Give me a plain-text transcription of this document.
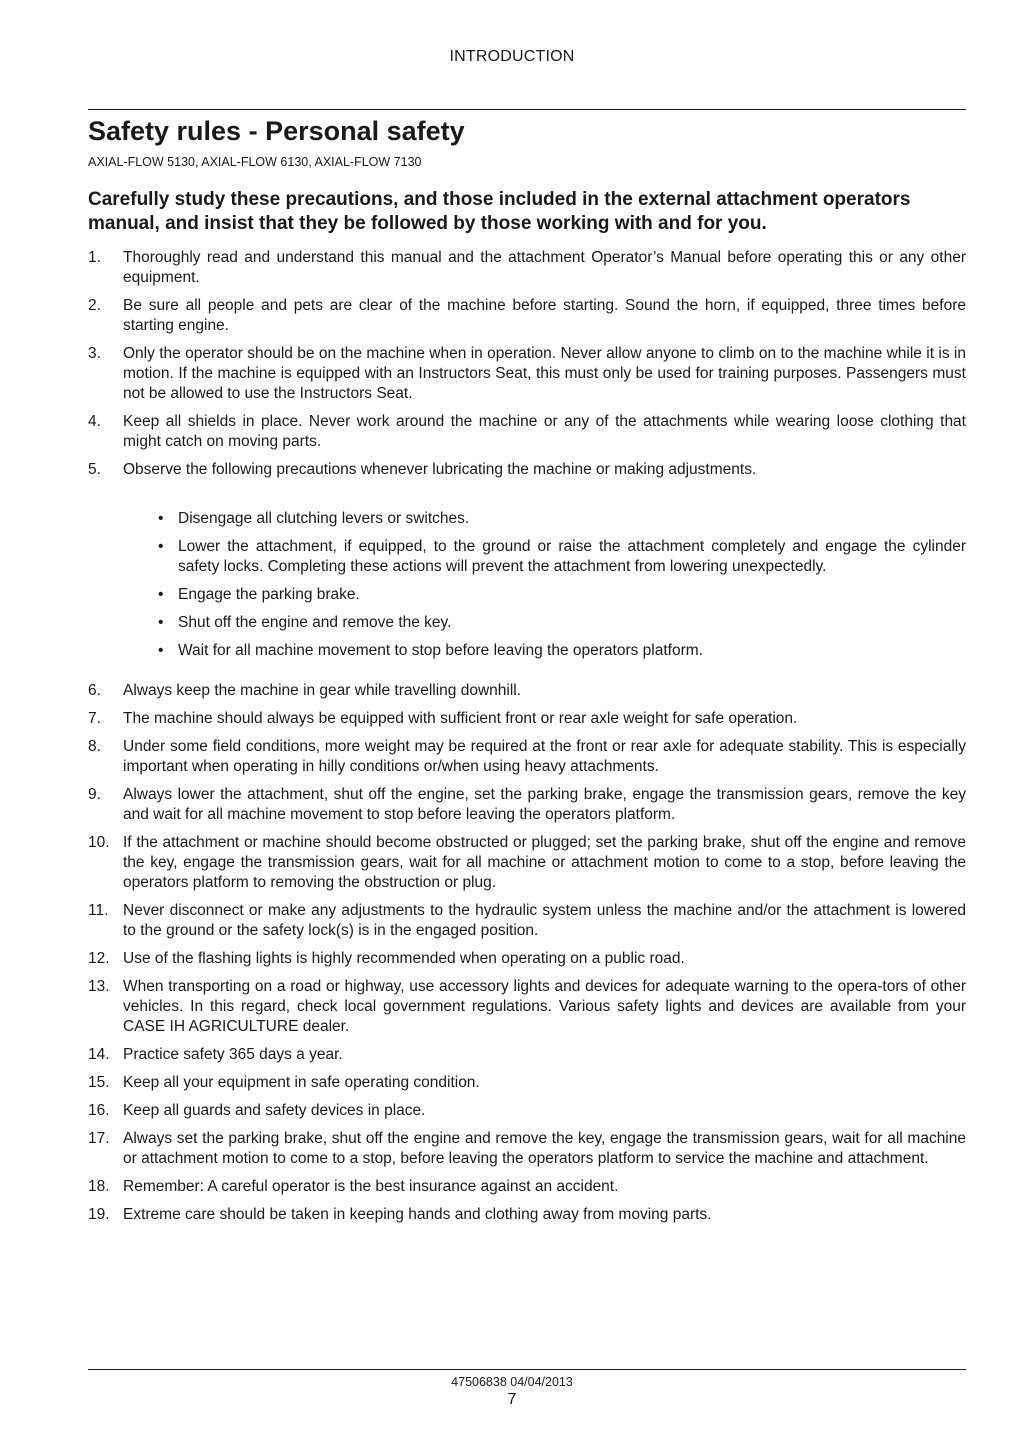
INTRODUCTION
Safety rules - Personal safety
AXIAL-FLOW 5130, AXIAL-FLOW 6130, AXIAL-FLOW 7130
Carefully study these precautions, and those included in the external attachment operators manual, and insist that they be followed by those working with and for you.
1. Thoroughly read and understand this manual and the attachment Operator’s Manual before operating this or any other equipment.
2. Be sure all people and pets are clear of the machine before starting. Sound the horn, if equipped, three times before starting engine.
3. Only the operator should be on the machine when in operation. Never allow anyone to climb on to the machine while it is in motion. If the machine is equipped with an Instructors Seat, this must only be used for training purposes. Passengers must not be allowed to use the Instructors Seat.
4. Keep all shields in place. Never work around the machine or any of the attachments while wearing loose clothing that might catch on moving parts.
5. Observe the following precautions whenever lubricating the machine or making adjustments.
• Disengage all clutching levers or switches.
• Lower the attachment, if equipped, to the ground or raise the attachment completely and engage the cylinder safety locks. Completing these actions will prevent the attachment from lowering unexpectedly.
• Engage the parking brake.
• Shut off the engine and remove the key.
• Wait for all machine movement to stop before leaving the operators platform.
6. Always keep the machine in gear while travelling downhill.
7. The machine should always be equipped with sufficient front or rear axle weight for safe operation.
8. Under some field conditions, more weight may be required at the front or rear axle for adequate stability. This is especially important when operating in hilly conditions or/when using heavy attachments.
9. Always lower the attachment, shut off the engine, set the parking brake, engage the transmission gears, remove the key and wait for all machine movement to stop before leaving the operators platform.
10. If the attachment or machine should become obstructed or plugged; set the parking brake, shut off the engine and remove the key, engage the transmission gears, wait for all machine or attachment motion to come to a stop, before leaving the operators platform to removing the obstruction or plug.
11. Never disconnect or make any adjustments to the hydraulic system unless the machine and/or the attachment is lowered to the ground or the safety lock(s) is in the engaged position.
12. Use of the flashing lights is highly recommended when operating on a public road.
13. When transporting on a road or highway, use accessory lights and devices for adequate warning to the opera-tors of other vehicles. In this regard, check local government regulations. Various safety lights and devices are available from your CASE IH AGRICULTURE dealer.
14. Practice safety 365 days a year.
15. Keep all your equipment in safe operating condition.
16. Keep all guards and safety devices in place.
17. Always set the parking brake, shut off the engine and remove the key, engage the transmission gears, wait for all machine or attachment motion to come to a stop, before leaving the operators platform to service the machine and attachment.
18. Remember: A careful operator is the best insurance against an accident.
19. Extreme care should be taken in keeping hands and clothing away from moving parts.
47506838 04/04/2013
7
